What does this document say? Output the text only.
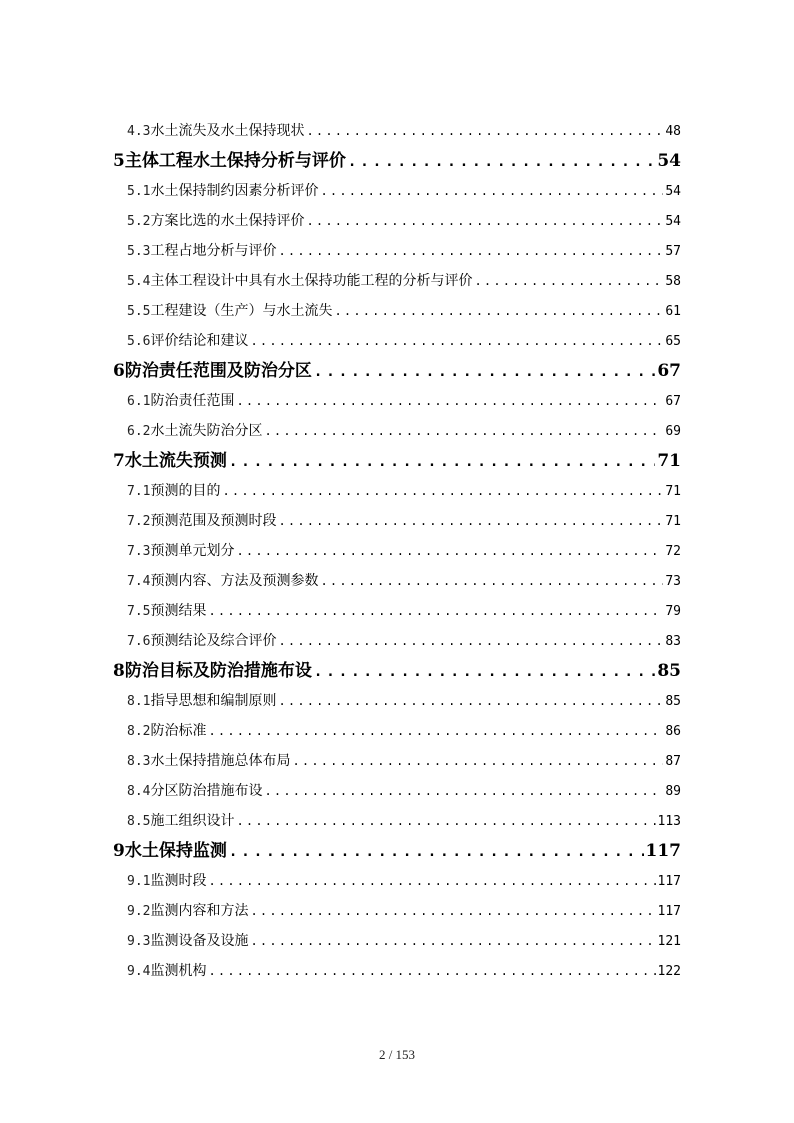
4.3 水土流失及水土保持现状 .....	48
5 主体工程水土保持分析与评价 .....	54
5.1 水土保持制约因素分析评价 .....	54
5.2 方案比选的水土保持评价 .....	54
5.3 工程占地分析与评价 .....	57
5.4 主体工程设计中具有水土保持功能工程的分析与评价 .....	58
5.5 工程建设（生产）与水土流失 .....	61
5.6 评价结论和建议 .....	65
6 防治责任范围及防治分区 .....	67
6.1 防治责任范围 .....	67
6.2 水土流失防治分区 .....	69
7 水土流失预测 .....	71
7.1 预测的目的 .....	71
7.2 预测范围及预测时段 .....	71
7.3 预测单元划分 .....	72
7.4 预测内容、方法及预测参数 .....	73
7.5 预测结果 .....	79
7.6 预测结论及综合评价 .....	83
8 防治目标及防治措施布设 .....	85
8.1 指导思想和编制原则 .....	85
8.2 防治标准 .....	86
8.3 水土保持措施总体布局 .....	87
8.4 分区防治措施布设 .....	89
8.5 施工组织设计 .....	113
9 水土保持监测 .....	117
9.1 监测时段 .....	117
9.2 监测内容和方法 .....	117
9.3 监测设备及设施 .....	121
9.4 监测机构 .....	122
2 / 153
